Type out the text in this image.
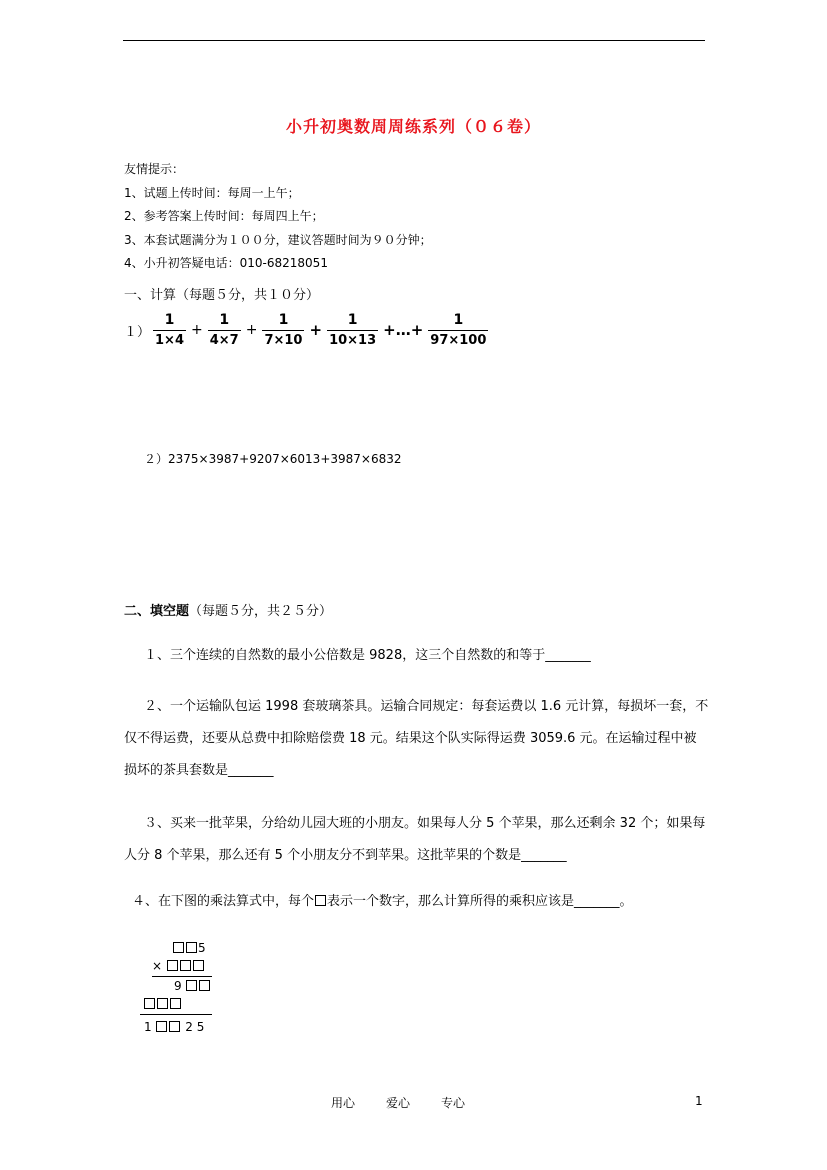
小升初奥数周周练系列（０６卷）
友情提示：
1、试题上传时间：每周一上午；
2、参考答案上传时间：每周四上午；
3、本套试题满分为１００分，建议答题时间为９０分钟；
4、小升初答疑电话：010-68218051
一、计算（每题５分，共１０分）
$1) \frac{1}{1\times 4} + \frac{1}{4\times 7} + \frac{1}{7\times 10} + \frac{1}{10\times 13}$ +…+ $\frac{1}{97\times 100}$
２）2375×3987+9207×6013+3987×6832
二、填空题（每题５分，共２５分）
１、三个连续的自然数的最小公倍数是 9828，这三个自然数的和等于_______
２、一个运输队包运 1998 套玻璃茶具。运输合同规定：每套运费以 1.6 元计算，每损坏一套，不仅不得运费，还要从总费中扣除赔偿费 18 元。结果这个队实际得运费 3059.6 元。在运输过程中被损坏的茶具套数是_______
３、买来一批苹果，分给幼儿园大班的小朋友。如果每人分 5 个苹果，那么还剩余 32 个；如果每人分 8 个苹果，那么还有 5 个小朋友分不到苹果。这批苹果的个数是_______
４、在下图的乘法算式中，每个 表示一个数字，那么计算所得的乘积应该是_______。
5
×
9
1	2 5
用心	爱心	专心	1
